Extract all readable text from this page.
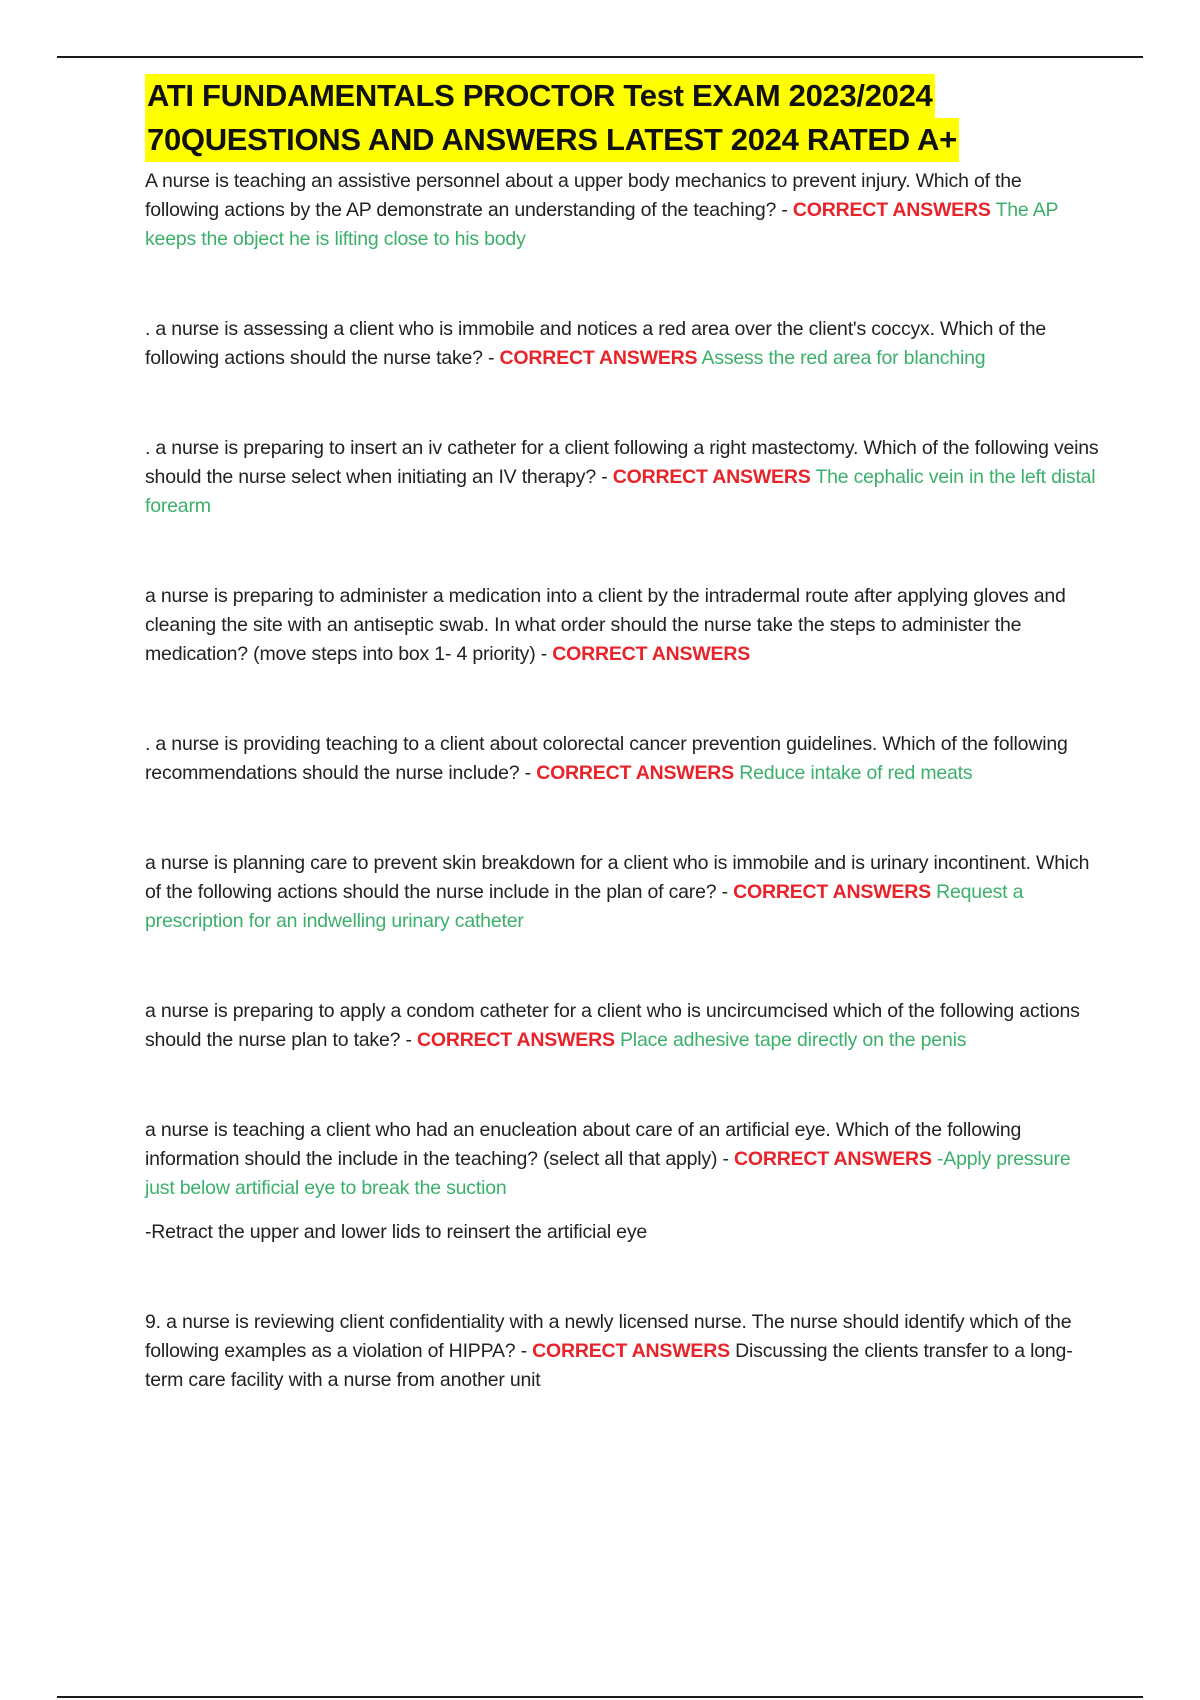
ATI FUNDAMENTALS PROCTOR Test EXAM 2023/2024
70QUESTIONS AND ANSWERS LATEST 2024 RATED A+
A nurse is teaching an assistive personnel about a upper body mechanics to prevent injury. Which of the following actions by the AP demonstrate an understanding of the teaching? - CORRECT ANSWERS The AP keeps the object he is lifting close to his body
. a nurse is assessing a client who is immobile and notices a red area over the client's coccyx. Which of the following actions should the nurse take? - CORRECT ANSWERS Assess the red area for blanching
. a nurse is preparing to insert an iv catheter for a client following a right mastectomy. Which of the following veins should the nurse select when initiating an IV therapy? - CORRECT ANSWERS The cephalic vein in the left distal forearm
a nurse is preparing to administer a medication into a client by the intradermal route after applying gloves and cleaning the site with an antiseptic swab. In what order should the nurse take the steps to administer the medication? (move steps into box 1- 4 priority) - CORRECT ANSWERS
. a nurse is providing teaching to a client about colorectal cancer prevention guidelines. Which of the following recommendations should the nurse include? - CORRECT ANSWERS Reduce intake of red meats
a nurse is planning care to prevent skin breakdown for a client who is immobile and is urinary incontinent. Which of the following actions should the nurse include in the plan of care? - CORRECT ANSWERS Request a prescription for an indwelling urinary catheter
a nurse is preparing to apply a condom catheter for a client who is uncircumcised which of the following actions should the nurse plan to take? - CORRECT ANSWERS Place adhesive tape directly on the penis
a nurse is teaching a client who had an enucleation about care of an artificial eye. Which of the following information should the include in the teaching? (select all that apply) - CORRECT ANSWERS -Apply pressure just below artificial eye to break the suction
-Retract the upper and lower lids to reinsert the artificial eye
9. a nurse is reviewing client confidentiality with a newly licensed nurse. The nurse should identify which of the following examples as a violation of HIPPA? - CORRECT ANSWERS Discussing the clients transfer to a long-term care facility with a nurse from another unit
